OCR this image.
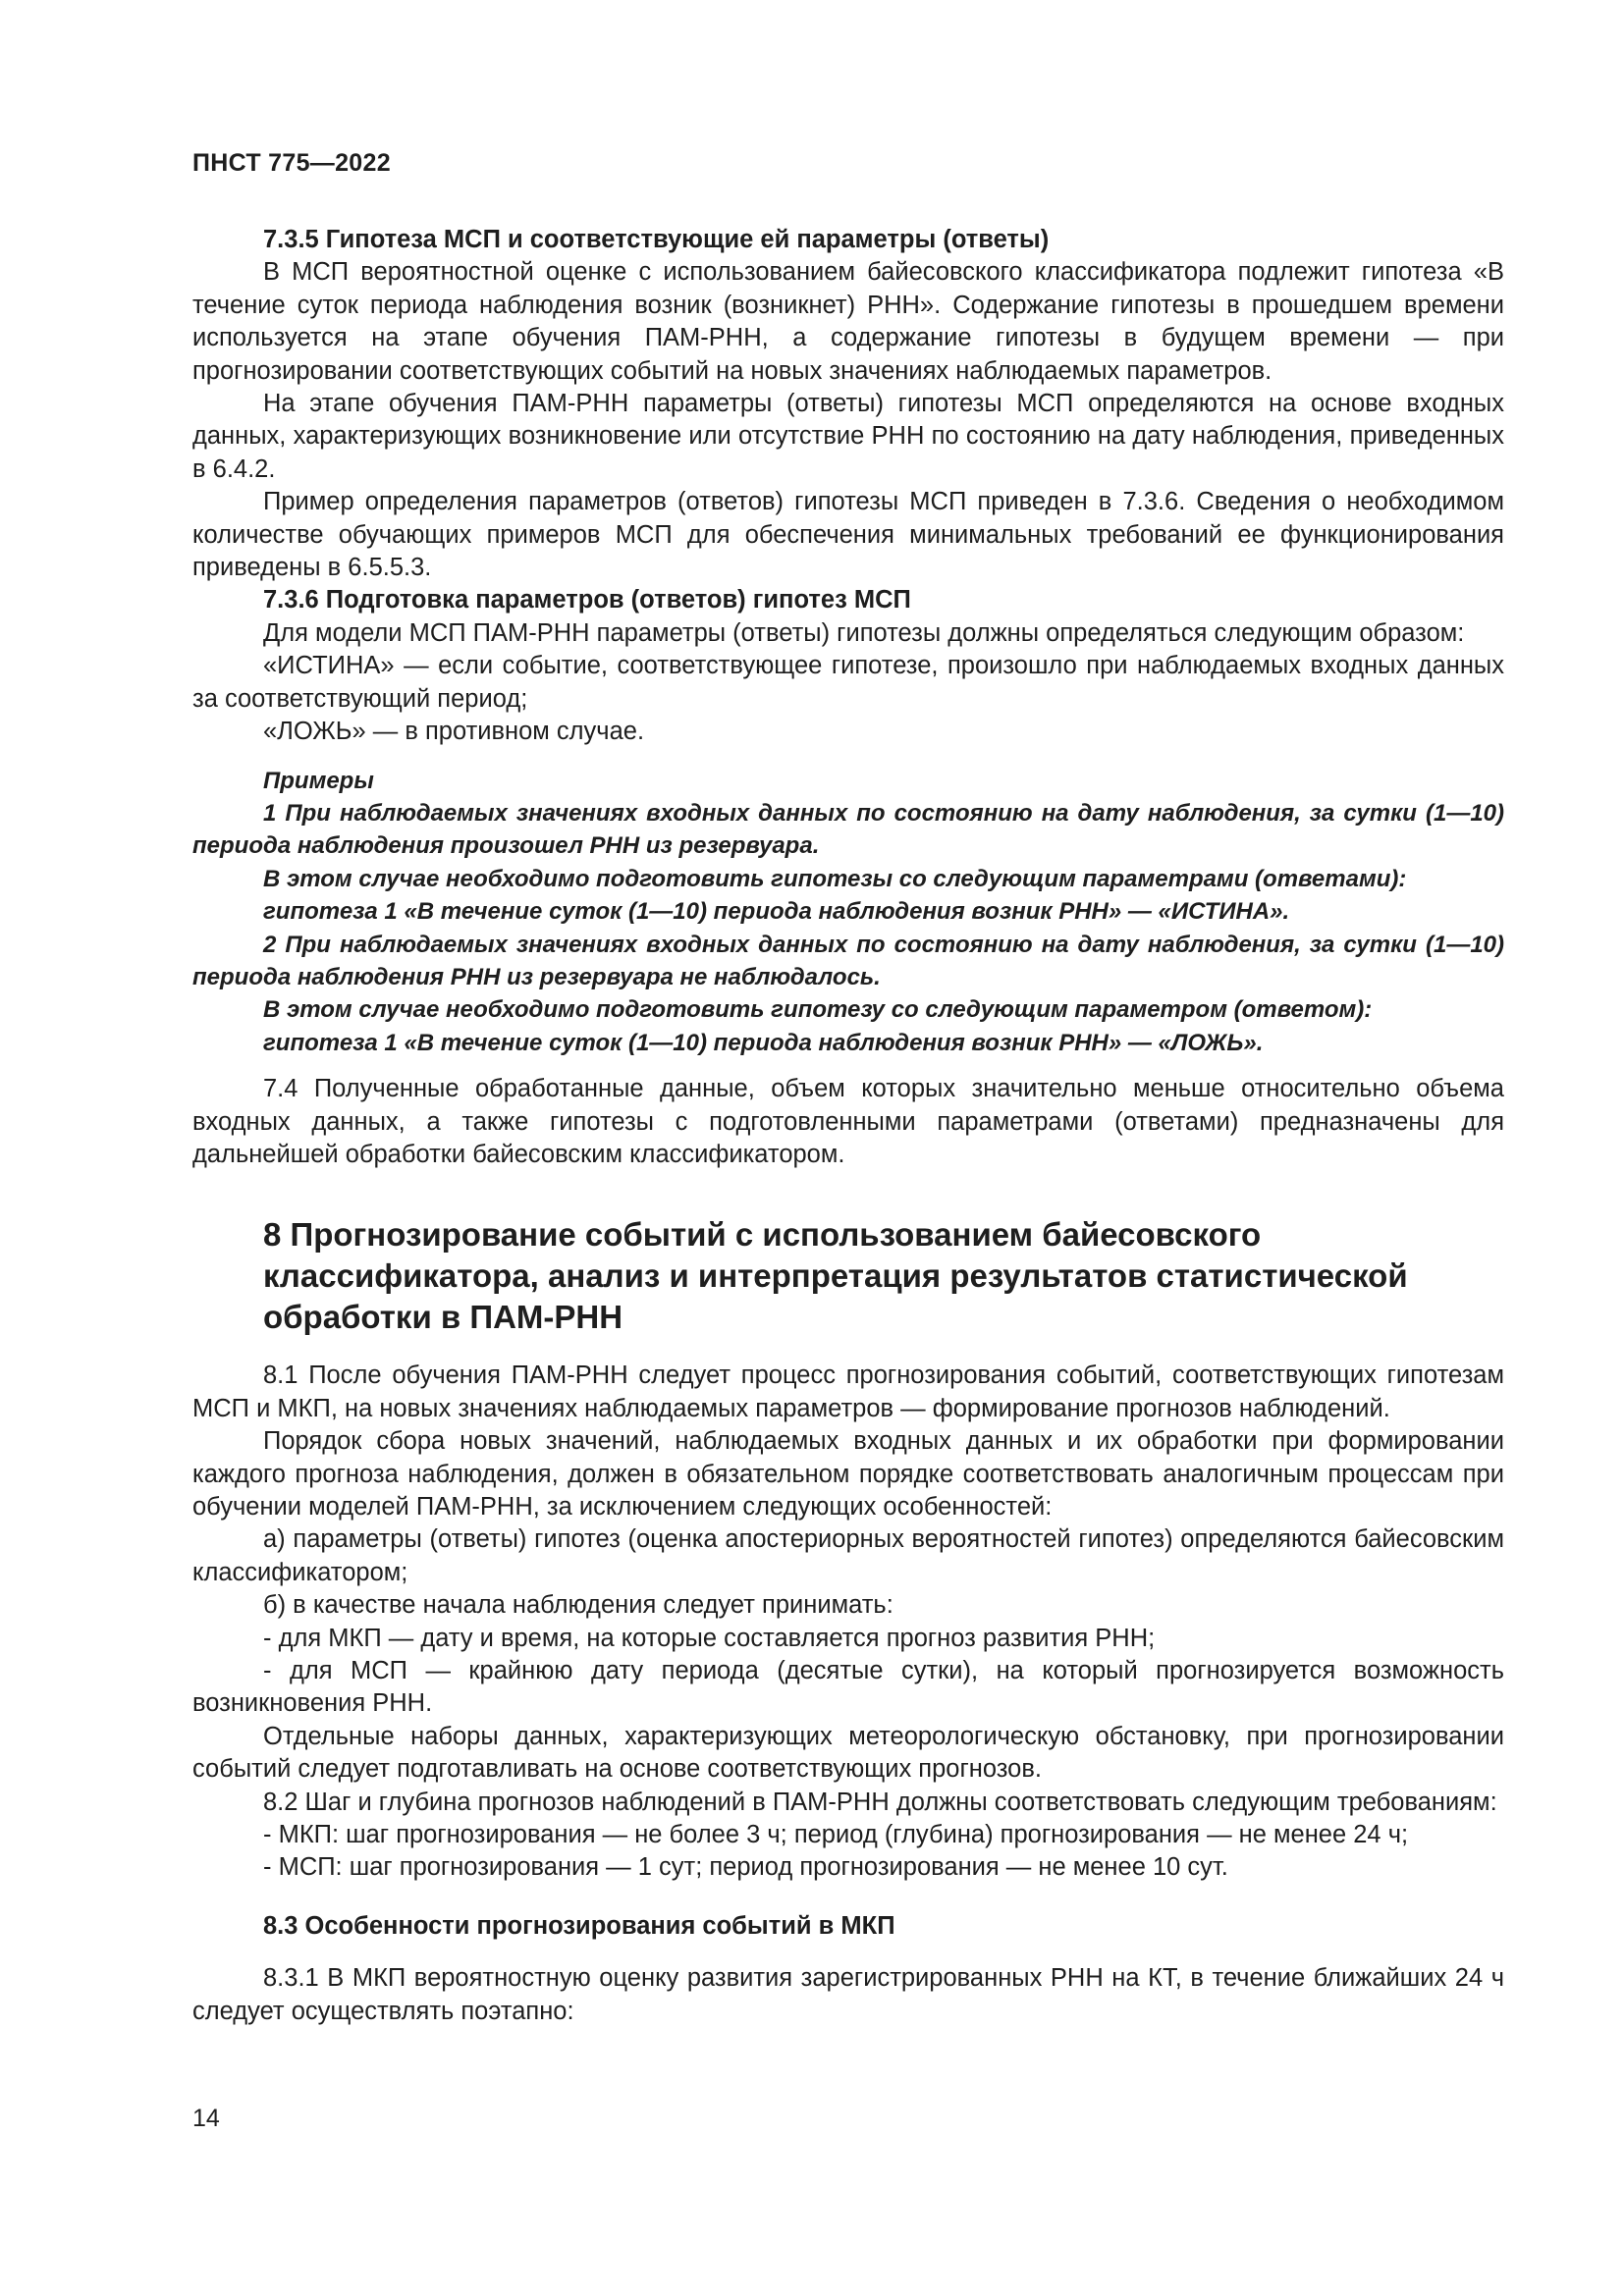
ПНСТ 775—2022

7.3.5 Гипотеза МСП и соответствующие ей параметры (ответы)

В МСП вероятностной оценке с использованием байесовского классификатора подлежит гипотеза «В течение суток периода наблюдения возник (возникнет) РНН». Содержание гипотезы в прошедшем времени используется на этапе обучения ПАМ-РНН, а содержание гипотезы в будущем времени — при прогнозировании соответствующих событий на новых значениях наблюдаемых параметров.

На этапе обучения ПАМ-РНН параметры (ответы) гипотезы МСП определяются на основе входных данных, характеризующих возникновение или отсутствие РНН по состоянию на дату наблюдения, приведенных в 6.4.2.

Пример определения параметров (ответов) гипотезы МСП приведен в 7.3.6. Сведения о необходимом количестве обучающих примеров МСП для обеспечения минимальных требований ее функционирования приведены в 6.5.5.3.

7.3.6 Подготовка параметров (ответов) гипотез МСП

Для модели МСП ПАМ-РНН параметры (ответы) гипотезы должны определяться следующим образом:

«ИСТИНА» — если событие, соответствующее гипотезе, произошло при наблюдаемых входных данных за соответствующий период;

«ЛОЖЬ» — в противном случае.

Примеры

1 При наблюдаемых значениях входных данных по состоянию на дату наблюдения, за сутки (1—10) периода наблюдения произошел РНН из резервуара.

В этом случае необходимо подготовить гипотезы со следующим параметрами (ответами):

гипотеза 1 «В течение суток (1—10) периода наблюдения возник РНН» — «ИСТИНА».

2 При наблюдаемых значениях входных данных по состоянию на дату наблюдения, за сутки (1—10) периода наблюдения РНН из резервуара не наблюдалось.

В этом случае необходимо подготовить гипотезу со следующим параметром (ответом):

гипотеза 1 «В течение суток (1—10) периода наблюдения возник РНН» — «ЛОЖЬ».

7.4 Полученные обработанные данные, объем которых значительно меньше относительно объема входных данных, а также гипотезы с подготовленными параметрами (ответами) предназначены для дальнейшей обработки байесовским классификатором.

8 Прогнозирование событий с использованием байесовского классификатора, анализ и интерпретация результатов статистической обработки в ПАМ-РНН

8.1 После обучения ПАМ-РНН следует процесс прогнозирования событий, соответствующих гипотезам МСП и МКП, на новых значениях наблюдаемых параметров — формирование прогнозов наблюдений.

Порядок сбора новых значений, наблюдаемых входных данных и их обработки при формировании каждого прогноза наблюдения, должен в обязательном порядке соответствовать аналогичным процессам при обучении моделей ПАМ-РНН, за исключением следующих особенностей:

а) параметры (ответы) гипотез (оценка апостериорных вероятностей гипотез) определяются байесовским классификатором;

б) в качестве начала наблюдения следует принимать:

- для МКП — дату и время, на которые составляется прогноз развития РНН;

- для МСП — крайнюю дату периода (десятые сутки), на который прогнозируется возможность возникновения РНН.

Отдельные наборы данных, характеризующих метеорологическую обстановку, при прогнозировании событий следует подготавливать на основе соответствующих прогнозов.

8.2 Шаг и глубина прогнозов наблюдений в ПАМ-РНН должны соответствовать следующим требованиям:

- МКП: шаг прогнозирования — не более 3 ч; период (глубина) прогнозирования — не менее 24 ч;

- МСП: шаг прогнозирования — 1 сут; период прогнозирования — не менее 10 сут.

8.3 Особенности прогнозирования событий в МКП

8.3.1 В МКП вероятностную оценку развития зарегистрированных РНН на КТ, в течение ближайших 24 ч следует осуществлять поэтапно:

14
